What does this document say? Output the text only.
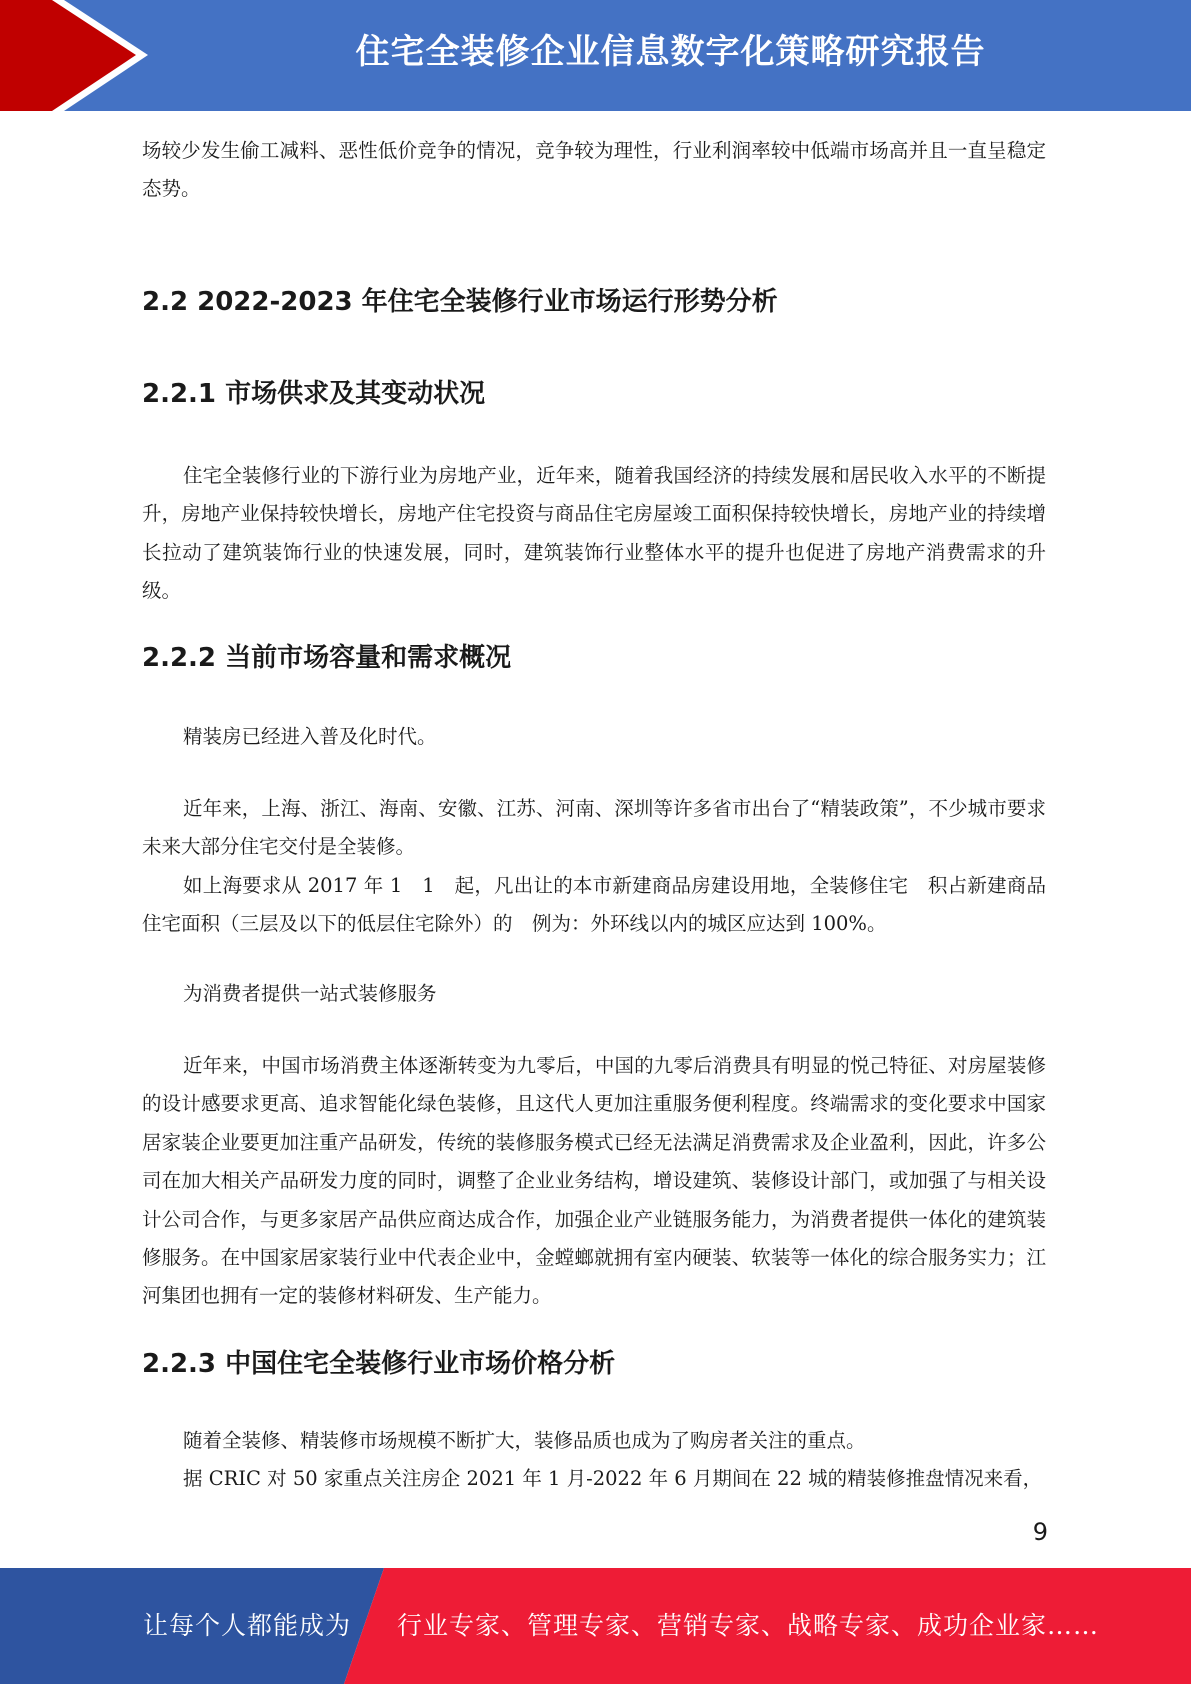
住宅全装修企业信息数字化策略研究报告

场较少发生偷工减料、恶性低价竞争的情况，竞争较为理性，行业利润率较中低端市场高并且一直呈稳定态势。

2.2 2022-2023 年住宅全装修行业市场运行形势分析
2.2.1 市场供求及其变动状况

住宅全装修行业的下游行业为房地产业，近年来，随着我国经济的持续发展和居民收入水平的不断提升，房地产业保持较快增长，房地产住宅投资与商品住宅房屋竣工面积保持较快增长，房地产业的持续增长拉动了建筑装饰行业的快速发展，同时，建筑装饰行业整体水平的提升也促进了房地产消费需求的升级。

2.2.2 当前市场容量和需求概况

精装房已经进入普及化时代。

近年来，上海、浙江、海南、安徽、江苏、河南、深圳等许多省市出台了“精装政策”，不少城市要求未来大部分住宅交付是全装修。

如上海要求从 2017 年 1　1　起，凡出让的本市新建商品房建设用地，全装修住宅　积占新建商品住宅面积（三层及以下的低层住宅除外）的　例为：外环线以内的城区应达到 100%。

为消费者提供一站式装修服务

近年来，中国市场消费主体逐渐转变为九零后，中国的九零后消费具有明显的悦己特征、对房屋装修的设计感要求更高、追求智能化绿色装修，且这代人更加注重服务便利程度。终端需求的变化要求中国家居家装企业要更加注重产品研发，传统的装修服务模式已经无法满足消费需求及企业盈利，因此，许多公司在加大相关产品研发力度的同时，调整了企业业务结构，增设建筑、装修设计部门，或加强了与相关设计公司合作，与更多家居产品供应商达成合作，加强企业产业链服务能力，为消费者提供一体化的建筑装修服务。在中国家居家装行业中代表企业中，金螳螂就拥有室内硬装、软装等一体化的综合服务实力；江河集团也拥有一定的装修材料研发、生产能力。

2.2.3 中国住宅全装修行业市场价格分析

随着全装修、精装修市场规模不断扩大，装修品质也成为了购房者关注的重点。

据 CRIC 对 50 家重点关注房企 2021 年 1 月-2022 年 6 月期间在 22 城的精装修推盘情况来看，

9
让每个人都能成为 行业专家、管理专家、营销专家、战略专家、成功企业家……
